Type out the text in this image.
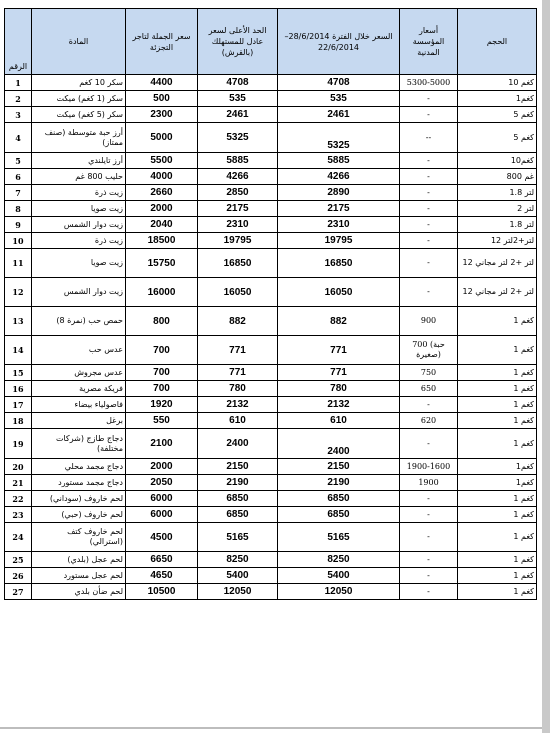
الرقم	المادة	سعر الجملة لتاجر التجزئة	الحد الأعلى لسعر عادل للمستهلك (بالقرش)	السعر خلال الفترة 28/6/2014–22/6/2014	أسعار المؤسسة المدنية	الحجم
1	سكر 10 كغم	4400	4708	4708	5300-5000	10 كغم
2	سكر (1 كغم) ميكت	500	535	535	-	1كغم
3	سكر (5 كغم) ميكت	2300	2461	2461	-	5 كغم
4	أرز حبة متوسطة (صنف ممتاز)	5000	5325	5325	--	5 كغم
5	أرز تايلندي	5500	5885	5885	-	10كغم
6	حليب 800 غم	4000	4266	4266	-	800 غم
7	زيت ذرة	2660	2850	2890	-	1.8 لتر
8	زيت صويا	2000	2175	2175	-	2 لتر
9	زيت دوار الشمس	2040	2310	2310	-	1.8 لتر
10	زيت ذرة	18500	19795	19795	-	12 لتر+2لتر
11	زيت صويا	15750	16850	16850	-	12 لتر +2 لتر مجاني
12	زيت دوار الشمس	16000	16050	16050	-	12 لتر +2 لتر مجاني
13	حمص حب (نمرة 8)	800	882	882	900	1 كغم
14	عدس حب	700	771	771	700 (حبة صغيرة)	1 كغم
15	عدس مجروش	700	771	771	750	1 كغم
16	فريكة مصرية	700	780	780	650	1 كغم
17	فاصولياء بيضاء	1920	2132	2132	-	1 كغم
18	برغل	550	610	610	620	1 كغم
19	دجاج طازج (شركات مختلفة)	2100	2400	2400	-	1 كغم
20	دجاج مجمد محلي	2000	2150	2150	1900-1600	1كغم
21	دجاج مجمد مستورد	2050	2190	2190	1900	1كغم
22	لحم خاروف (سوداني)	6000	6850	6850	-	1 كغم
23	لحم خاروف (حبي)	6000	6850	6850	-	1 كغم
24	لحم خاروف كتف (استرالي)	4500	5165	5165	-	1 كغم
25	لحم عجل (بلدي)	6650	8250	8250	-	1 كغم
26	لحم عجل مستورد	4650	5400	5400	-	1 كغم
27	لحم ضأن بلدي	10500	12050	12050	-	1 كغم
